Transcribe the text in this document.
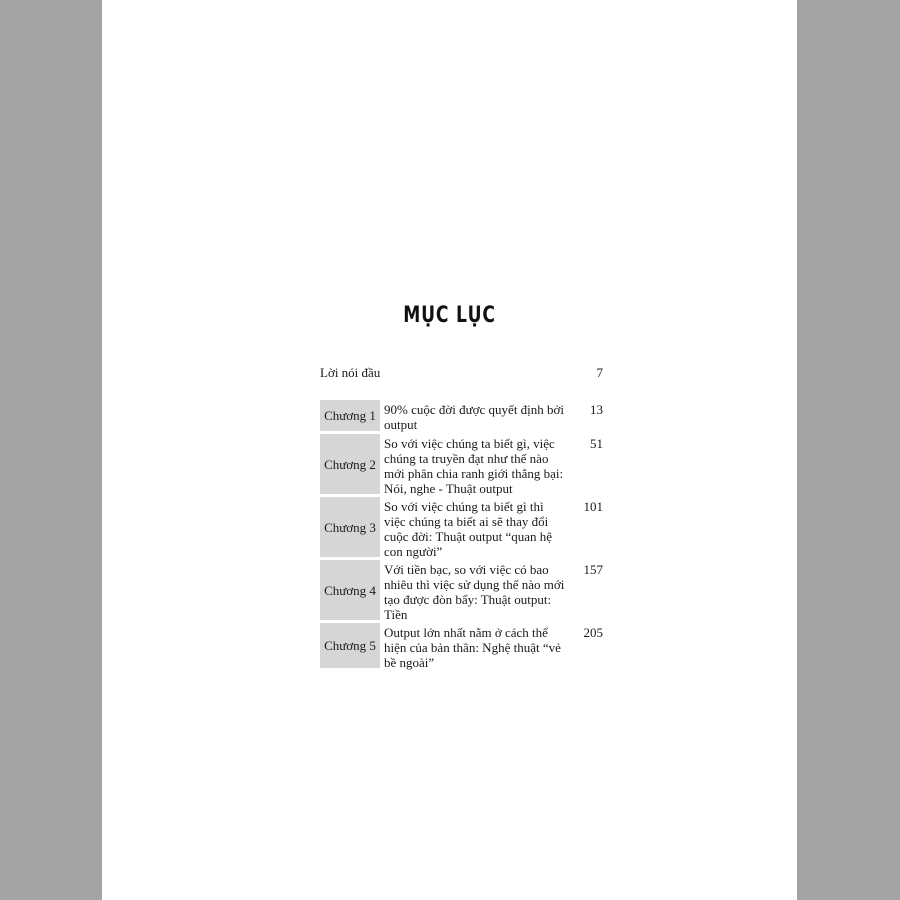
MỤC LỤC
Lời nói đầu	7
Chương 1 90% cuộc đời được quyết định bởi output
13
Chương 2
So với việc chúng ta biết gì, việc chúng ta truyền đạt như thế nào mới phân chia ranh giới thắng bại: Nói, nghe - Thuật output
51
Chương 3
So với việc chúng ta biết gì thì việc chúng ta biết ai sẽ thay đổi cuộc đời: Thuật output “quan hệ con người”
101
Chương 4
Với tiền bạc, so với việc có bao nhiêu thì việc sử dụng thế nào mới tạo được đòn bẩy: Thuật output: Tiền
157
Chương 5
Output lớn nhất nằm ở cách thể hiện của bản thân: Nghệ thuật “vẻ bề ngoài”
205
